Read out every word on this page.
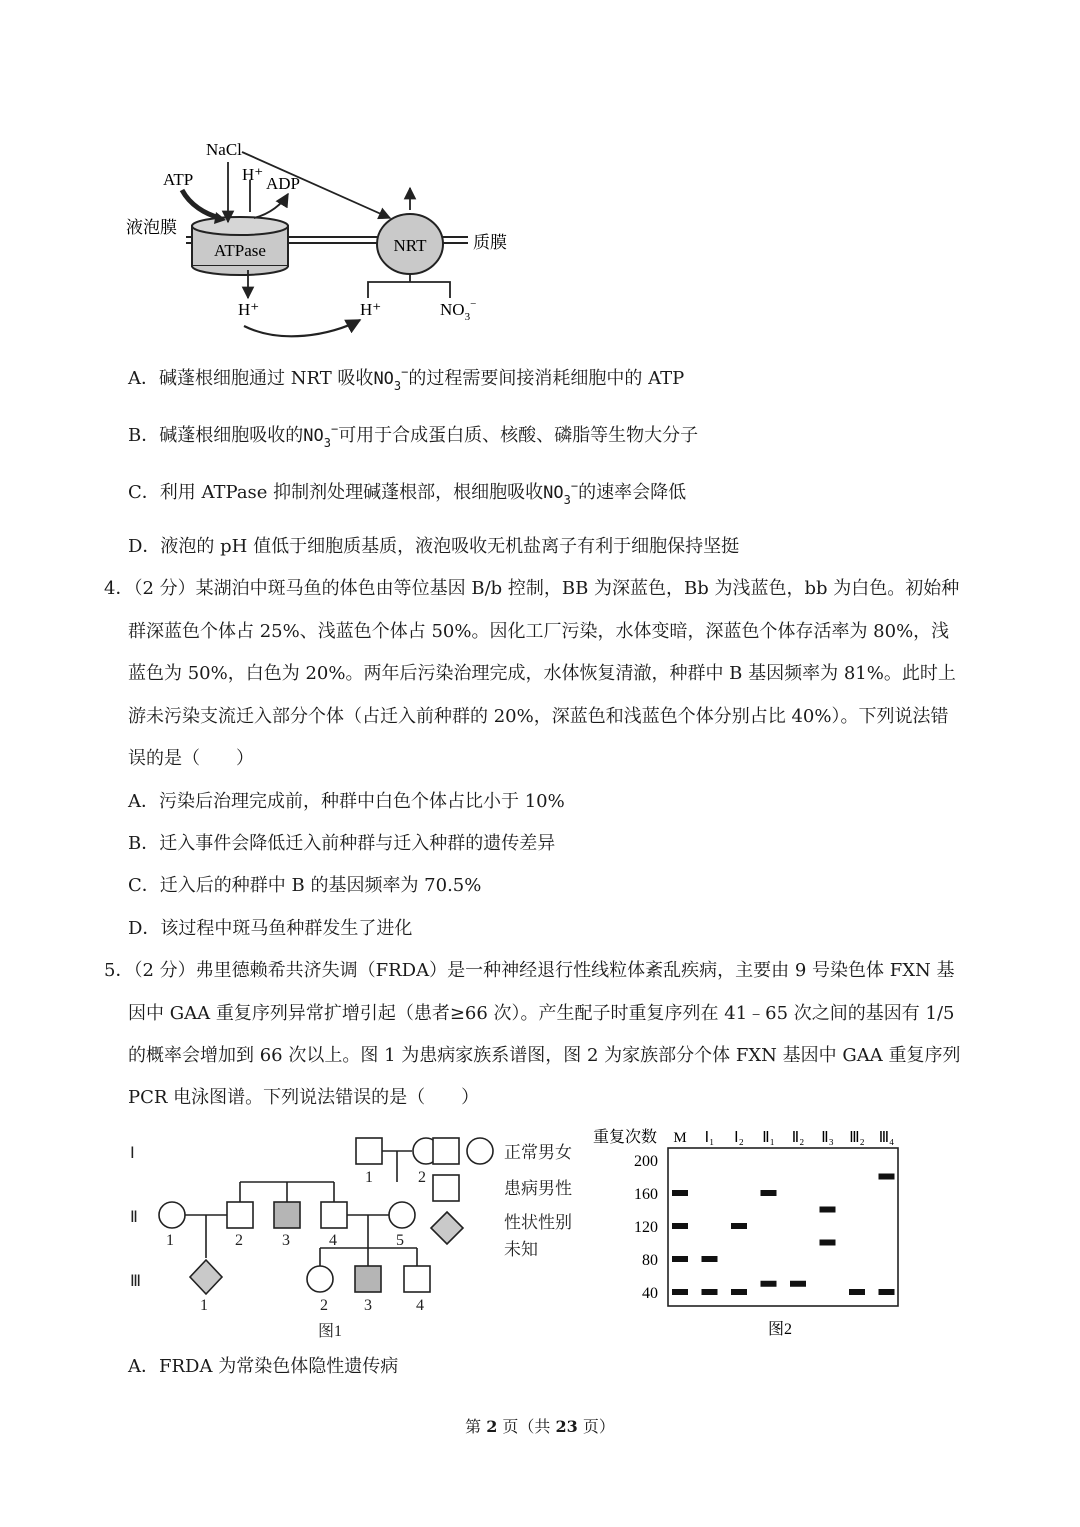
ATPase	NRT
液泡膜
质膜
NaCl
ATP	H⁺ ADP
H⁺	H⁺	$NO_3^-$
A．碱蓬根细胞通过 NRT 吸收$NO_3^-$的过程需要间接消耗细胞中的 ATP
B．碱蓬根细胞吸收的$NO_3^-$可用于合成蛋白质、核酸、磷脂等生物大分子
C．利用 ATPase 抑制剂处理碱蓬根部，根细胞吸收$NO_3^-$的速率会降低
D．液泡的 pH 值低于细胞质基质，液泡吸收无机盐离子有利于细胞保持坚挺
4．（2 分）某湖泊中斑马鱼的体色由等位基因 B/b 控制，BB 为深蓝色，Bb 为浅蓝色，bb 为白色。初始种
群深蓝色个体占 25%、浅蓝色个体占 50%。因化工厂污染，水体变暗，深蓝色个体存活率为 80%，浅
蓝色为 50%，白色为 20%。两年后污染治理完成，水体恢复清澈，种群中 B 基因频率为 81%。此时上
游未污染支流迁入部分个体（占迁入前种群的 20%，深蓝色和浅蓝色个体分别占比 40%）。下列说法错
误的是（　　）
A．污染后治理完成前，种群中白色个体占比小于 10%
B．迁入事件会降低迁入前种群与迁入种群的遗传差异
C．迁入后的种群中 B 的基因频率为 70.5%
D．该过程中斑马鱼种群发生了进化
5．（2 分）弗里德赖希共济失调（FRDA）是一种神经退行性线粒体紊乱疾病，主要由 9 号染色体 FXN 基
因中 GAA 重复序列异常扩增引起（患者≥66 次）。产生配子时重复序列在 41﹣65 次之间的基因有 1/5
的概率会增加到 66 次以上。图 1 为患病家族系谱图，图 2 为家族部分个体 FXN 基因中 GAA 重复序列
PCR 电泳图谱。下列说法错误的是（　　）
Ⅰ
Ⅱ
Ⅲ
1	2
1	2 3 4	5
1	2 3	4
图1
正常男女
患病男性
性状性别
未知
重复次数 M Ⅰ₁ Ⅰ₂ Ⅱ₁ Ⅱ₂ Ⅱ₃ Ⅲ₂ Ⅲ₄
200
160
120
80
40
图2
A．FRDA 为常染色体隐性遗传病
第 2 页（共 23 页）
